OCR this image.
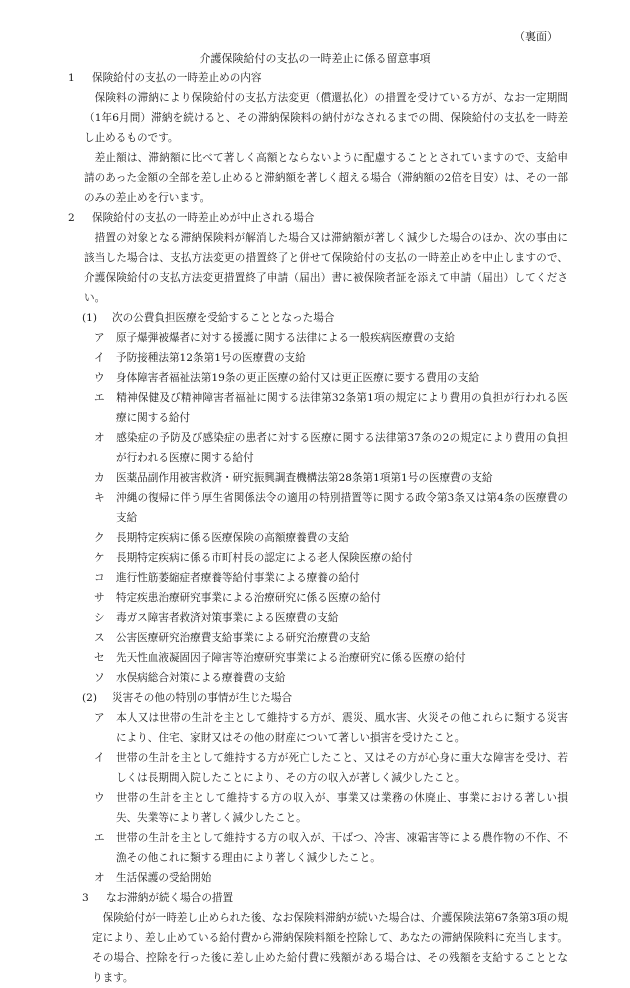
（裏面）
介護保険給付の支払の一時差止に係る留意事項
1 保険給付の支払の一時差止めの内容

保険料の滞納により保険給付の支払方法変更（償還払化）の措置を受けている方が、なお一定期間（1年6月間）滞納を続けると、その滞納保険料の納付がなされるまでの間、保険給付の支払を一時差し止めるものです。

差止額は、滞納額に比べて著しく高額とならないように配慮することとされていますので、支給申請のあった金額の全部を差し止めると滞納額を著しく超える場合（滞納額の2倍を目安）は、その一部のみの差止めを行います。

2 保険給付の支払の一時差止めが中止される場合

措置の対象となる滞納保険料が解消した場合又は滞納額が著しく減少した場合のほか、次の事由に該当した場合は、支払方法変更の措置終了と併せて保険給付の支払の一時差止めを中止しますので、介護保険給付の支払方法変更措置終了申請（届出）書に被保険者証を添えて申請（届出）してください。

(1) 次の公費負担医療を受給することとなった場合

ア 原子爆弾被爆者に対する援護に関する法律による一般疾病医療費の支給

イ 予防接種法第12条第1号の医療費の支給

ウ 身体障害者福祉法第19条の更正医療の給付又は更正医療に要する費用の支給

エ 精神保健及び精神障害者福祉に関する法律第32条第1項の規定により費用の負担が行われる医療に関する給付

オ 感染症の予防及び感染症の患者に対する医療に関する法律第37条の2の規定により費用の負担が行われる医療に関する給付

カ 医薬品副作用被害救済・研究振興調査機構法第28条第1項第1号の医療費の支給

キ 沖縄の復帰に伴う厚生省関係法令の適用の特別措置等に関する政令第3条又は第4条の医療費の支給

ク 長期特定疾病に係る医療保険の高額療養費の支給

ケ 長期特定疾病に係る市町村長の認定による老人保険医療の給付

コ 進行性筋萎縮症者療養等給付事業による療養の給付

サ 特定疾患治療研究事業による治療研究に係る医療の給付

シ 毒ガス障害者救済対策事業による医療費の支給

ス 公害医療研究治療費支給事業による研究治療費の支給

セ 先天性血液凝固因子障害等治療研究事業による治療研究に係る医療の給付

ソ 水俣病総合対策による療養費の支給

(2) 災害その他の特別の事情が生じた場合

ア 本人又は世帯の生計を主として維持する方が、震災、風水害、火災その他これらに類する災害により、住宅、家財又はその他の財産について著しい損害を受けたこと。

イ 世帯の生計を主として維持する方が死亡したこと、又はその方が心身に重大な障害を受け、若しくは長期間入院したことにより、その方の収入が著しく減少したこと。

ウ 世帯の生計を主として維持する方の収入が、事業又は業務の休廃止、事業における著しい損失、失業等により著しく減少したこと。

エ 世帯の生計を主として維持する方の収入が、干ばつ、冷害、凍霜害等による農作物の不作、不漁その他これに類する理由により著しく減少したこと。

オ 生活保護の受給開始

3 なお滞納が続く場合の措置

保険給付が一時差し止められた後、なお保険料滞納が続いた場合は、介護保険法第67条第3項の規定により、差し止めている給付費から滞納保険料額を控除して、あなたの滞納保険料に充当します。その場合、控除を行った後に差し止めた給付費に残額がある場合は、その残額を支給することとなります。
